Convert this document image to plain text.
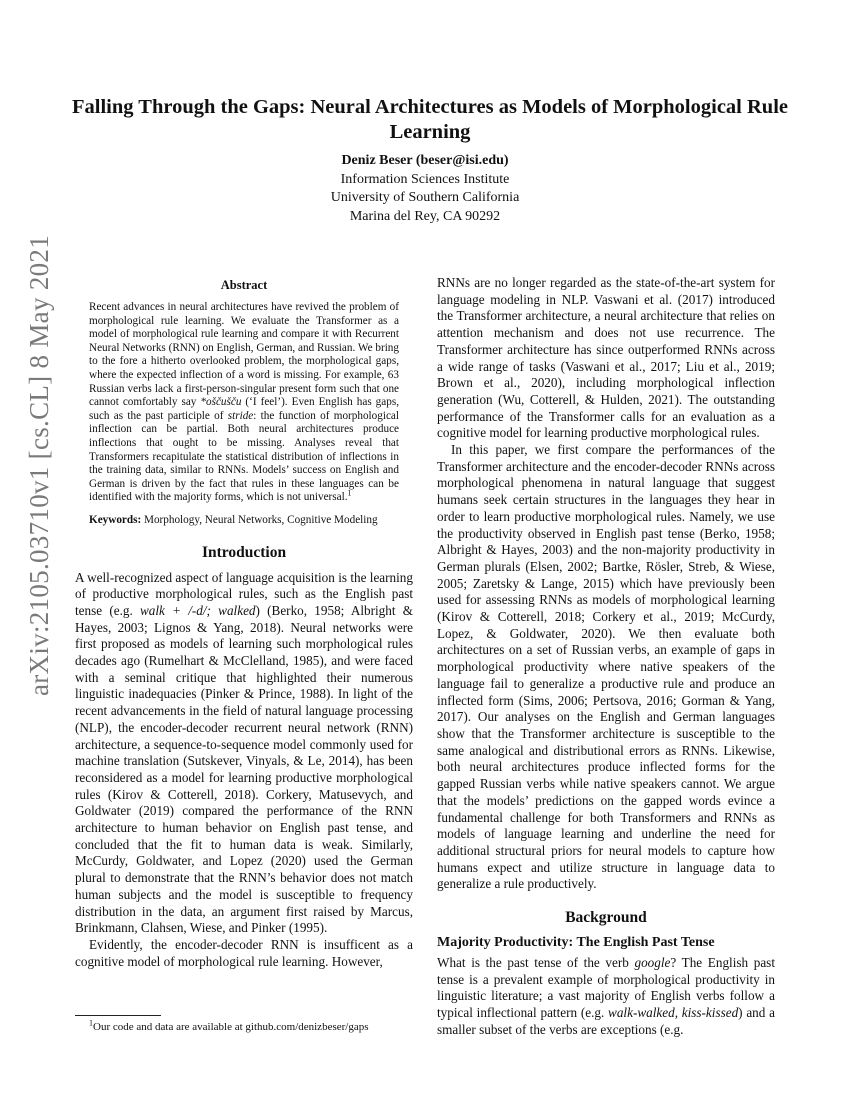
arXiv:2105.03710v1 [cs.CL] 8 May 2021
Falling Through the Gaps: Neural Architectures as Models of Morphological Rule
Learning
Deniz Beser (beser@isi.edu)
Information Sciences Institute
University of Southern California
Marina del Rey, CA 90292
Abstract

Recent advances in neural architectures have revived the problem of morphological rule learning. We evaluate the Transformer as a model of morphological rule learning and compare it with Recurrent Neural Networks (RNN) on English, German, and Russian. We bring to the fore a hitherto overlooked problem, the morphological gaps, where the expected inflection of a word is missing. For example, 63 Russian verbs lack a first-person-singular present form such that one cannot comfortably say *oščušču (‘I feel’). Even English has gaps, such as the past participle of stride: the function of morphological inflection can be partial. Both neural architectures produce inflections that ought to be missing. Analyses reveal that Transformers recapitulate the statistical distribution of inflections in the training data, similar to RNNs. Models’ success on English and German is driven by the fact that rules in these languages can be identified with the majority forms, which is not universal.$^1$

Keywords: Morphology, Neural Networks, Cognitive Modeling

Introduction

A well-recognized aspect of language acquisition is the learning of productive morphological rules, such as the English past tense (e.g. walk + /-d/; walked) (Berko, 1958; Albright & Hayes, 2003; Lignos & Yang, 2018). Neural networks were first proposed as models of learning such morphological rules decades ago (Rumelhart & McClelland, 1985), and were faced with a seminal critique that highlighted their numerous linguistic inadequacies (Pinker & Prince, 1988). In light of the recent advancements in the field of natural language processing (NLP), the encoder-decoder recurrent neural network (RNN) architecture, a sequence-to-sequence model commonly used for machine translation (Sutskever, Vinyals, & Le, 2014), has been reconsidered as a model for learning productive morphological rules (Kirov & Cotterell, 2018). Corkery, Matusevych, and Goldwater (2019) compared the performance of the RNN architecture to human behavior on English past tense, and concluded that the fit to human data is weak. Similarly, McCurdy, Goldwater, and Lopez (2020) used the German plural to demonstrate that the RNN’s behavior does not match human subjects and the model is susceptible to frequency distribution in the data, an argument first raised by Marcus, Brinkmann, Clahsen, Wiese, and Pinker (1995).

Evidently, the encoder-decoder RNN is insufficent as a cognitive model of morphological rule learning. However,

$^1$Our code and data are available at github.com/denizbeser/gaps

RNNs are no longer regarded as the state-of-the-art system for language modeling in NLP. Vaswani et al. (2017) introduced the Transformer architecture, a neural architecture that relies on attention mechanism and does not use recurrence. The Transformer architecture has since outperformed RNNs across a wide range of tasks (Vaswani et al., 2017; Liu et al., 2019; Brown et al., 2020), including morphological inflection generation (Wu, Cotterell, & Hulden, 2021). The outstanding performance of the Transformer calls for an evaluation as a cognitive model for learning productive morphological rules.

In this paper, we first compare the performances of the Transformer architecture and the encoder-decoder RNNs across morphological phenomena in natural language that suggest humans seek certain structures in the languages they hear in order to learn productive morphological rules. Namely, we use the productivity observed in English past tense (Berko, 1958; Albright & Hayes, 2003) and the non-majority productivity in German plurals (Elsen, 2002; Bartke, Rösler, Streb, & Wiese, 2005; Zaretsky & Lange, 2015) which have previously been used for assessing RNNs as models of morphological learning (Kirov & Cotterell, 2018; Corkery et al., 2019; McCurdy, Lopez, & Goldwater, 2020). We then evaluate both architectures on a set of Russian verbs, an example of gaps in morphological productivity where native speakers of the language fail to generalize a productive rule and produce an inflected form (Sims, 2006; Pertsova, 2016; Gorman & Yang, 2017). Our analyses on the English and German languages show that the Transformer architecture is susceptible to the same analogical and distributional errors as RNNs. Likewise, both neural architectures produce inflected forms for the gapped Russian verbs while native speakers cannot. We argue that the models’ predictions on the gapped words evince a fundamental challenge for both Transformers and RNNs as models of language learning and underline the need for additional structural priors for neural models to capture how humans expect and utilize structure in language data to generalize a rule productively.

Background
Majority Productivity: The English Past Tense

What is the past tense of the verb google? The English past tense is a prevalent example of morphological productivity in linguistic literature; a vast majority of English verbs follow a typical inflectional pattern (e.g. walk-walked, kiss-kissed) and a smaller subset of the verbs are exceptions (e.g.
